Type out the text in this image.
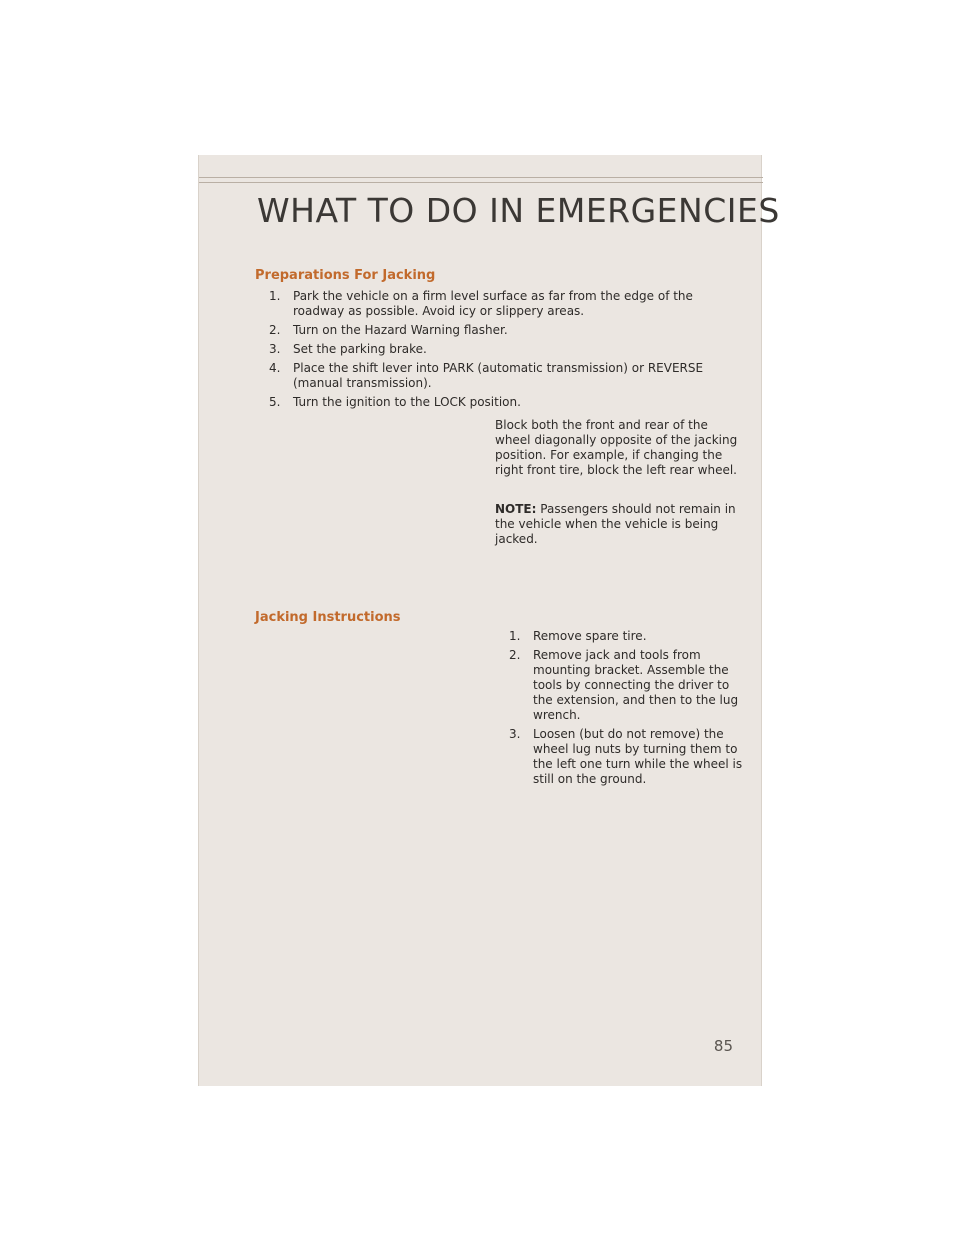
WHAT TO DO IN EMERGENCIES
Preparations For Jacking
1. Park the vehicle on a firm level surface as far from the edge of the roadway as possible. Avoid icy or slippery areas.
2. Turn on the Hazard Warning flasher.
3. Set the parking brake.
4. Place the shift lever into PARK (automatic transmission) or REVERSE (manual transmission).
5. Turn the ignition to the LOCK position.

Block both the front and rear of the wheel diagonally opposite of the jacking position. For example, if changing the right front tire, block the left rear wheel.

NOTE: Passengers should not remain in the vehicle when the vehicle is being jacked.

Jacking Instructions
1. Remove spare tire.
2. Remove jack and tools from mounting bracket. Assemble the tools by connecting the driver to the extension, and then to the lug wrench.
3. Loosen (but do not remove) the wheel lug nuts by turning them to the left one turn while the wheel is still on the ground.
85
